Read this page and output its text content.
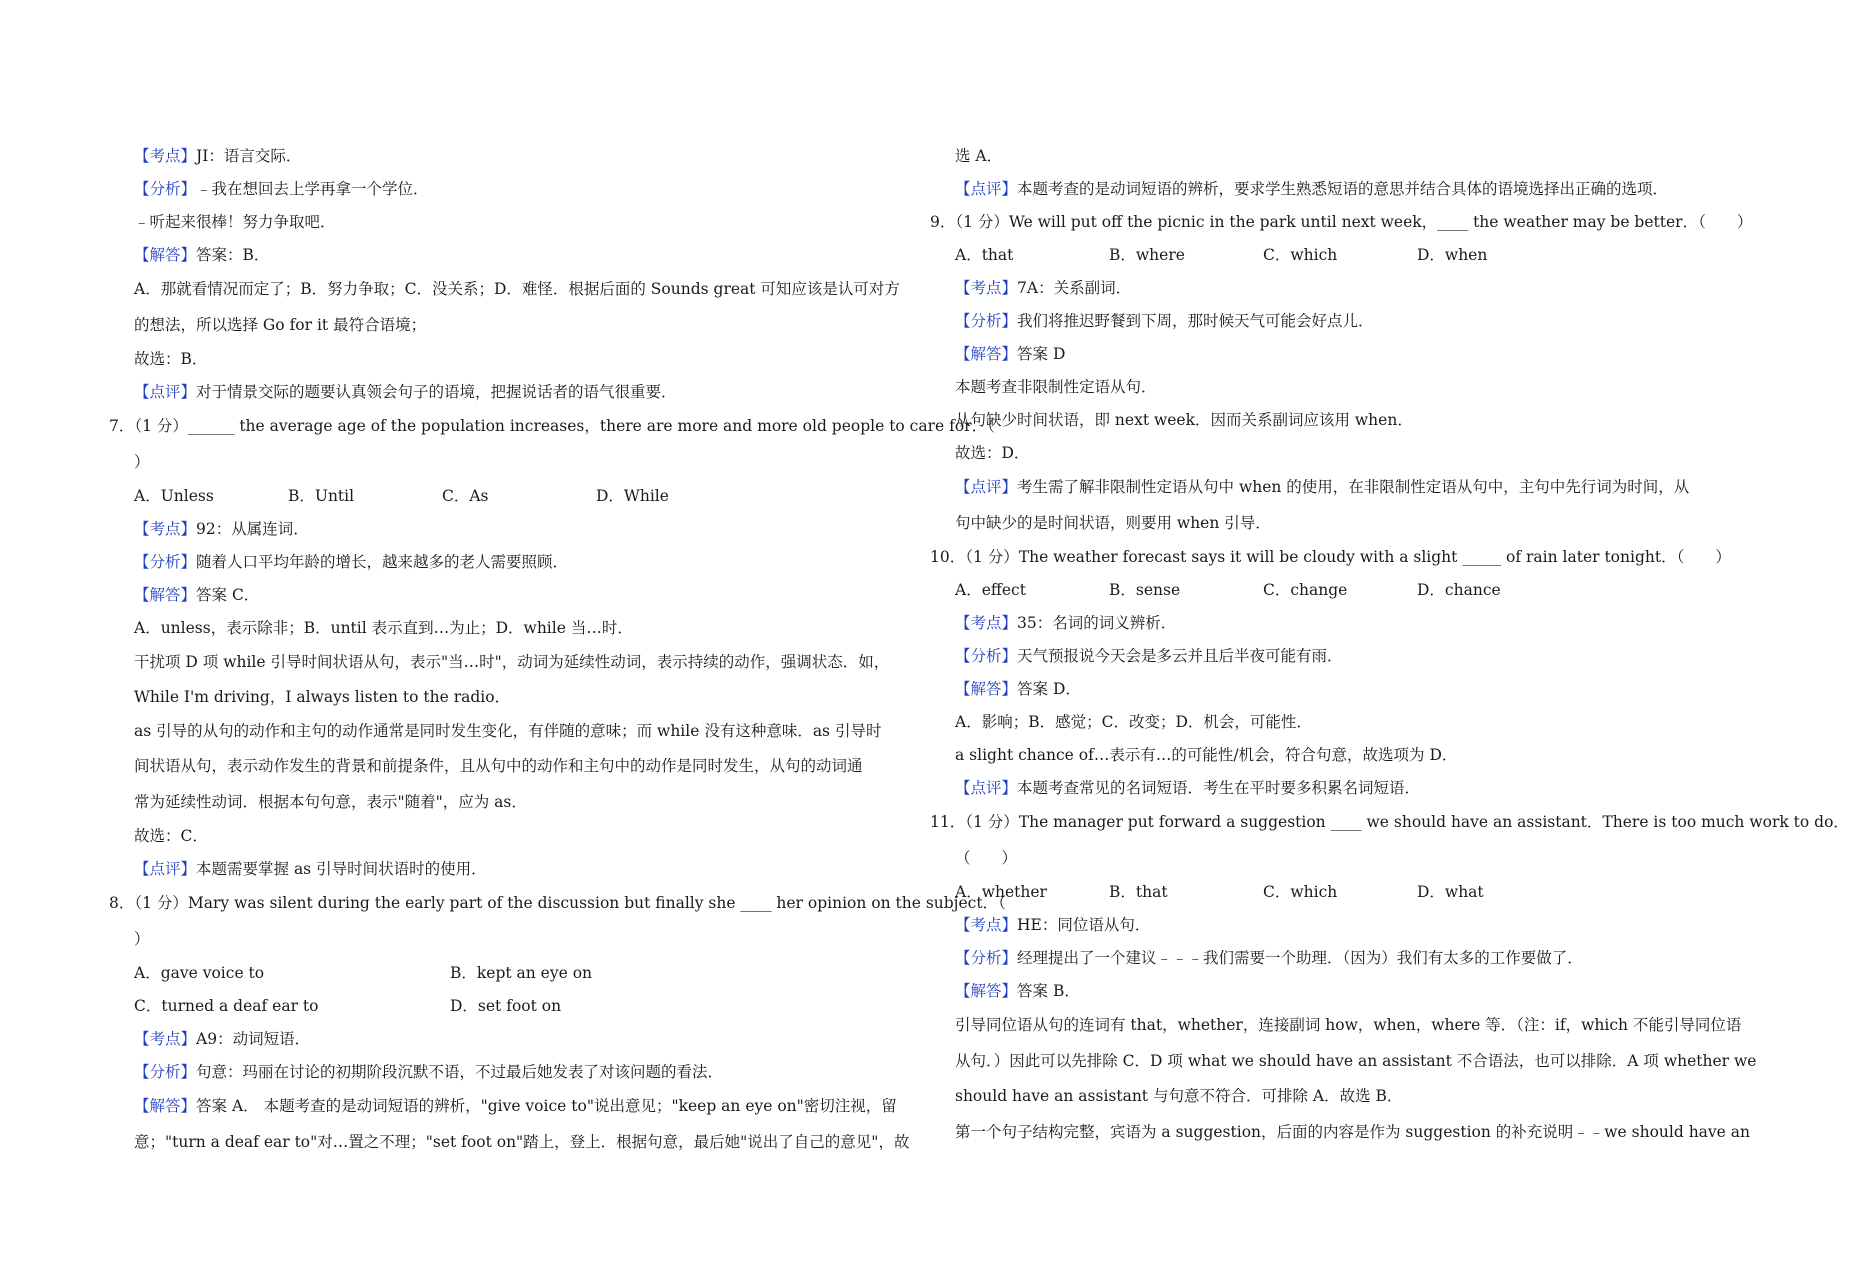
【考点】JI：语言交际．
【分析】﹣我在想回去上学再拿一个学位．
﹣听起来很棒！努力争取吧．
【解答】答案：B．
A．那就看情况而定了；B．努力争取；C．没关系；D．难怪．根据后面的 Sounds great 可知应该是认可对方
的想法，所以选择 Go for it 最符合语境；
故选：B．
【点评】对于情景交际的题要认真领会句子的语境，把握说话者的语气很重要．
7．（1 分）______ the average age of the population increases，there are more and more old people to care for．（
）
A．Unless	B．Until	C．As	D．While
【考点】92：从属连词．
【分析】随着人口平均年龄的增长，越来越多的老人需要照顾．
【解答】答案 C．
A．unless，表示除非；B．until 表示直到…为止；D．while 当…时．
干扰项 D 项 while 引导时间状语从句，表示"当…时"，动词为延续性动词，表示持续的动作，强调状态．如，
While I'm driving，I always listen to the radio．
as 引导的从句的动作和主句的动作通常是同时发生变化，有伴随的意味；而 while 没有这种意味．as 引导时
间状语从句，表示动作发生的背景和前提条件，且从句中的动作和主句中的动作是同时发生，从句的动词通
常为延续性动词．根据本句句意，表示"随着"，应为 as．
故选：C．
【点评】本题需要掌握 as 引导时间状语时的使用．
8．（1 分）Mary was silent during the early part of the discussion but finally she ____ her opinion on the subject．（
）
A．gave voice to	B．kept an eye on
C．turned a deaf ear to	D．set foot on
【考点】A9：动词短语．
【分析】句意：玛丽在讨论的初期阶段沉默不语，不过最后她发表了对该问题的看法．
【解答】答案 A． 本题考查的是动词短语的辨析，"give voice to"说出意见；"keep an eye on"密切注视，留
意；"turn a deaf ear to"对…置之不理；"set foot on"踏上，登上．根据句意，最后她"说出了自己的意见"，故
选 A．
【点评】本题考查的是动词短语的辨析，要求学生熟悉短语的意思并结合具体的语境选择出正确的选项．
9．（1 分）We will put off the picnic in the park until next week，____ the weather may be better．（　　）
A．that	B．where	C．which	D．when
【考点】7A：关系副词．
【分析】我们将推迟野餐到下周，那时候天气可能会好点儿．
【解答】答案 D
本题考查非限制性定语从句．
从句缺少时间状语，即 next week．因而关系副词应该用 when．
故选：D．
【点评】考生需了解非限制性定语从句中 when 的使用，在非限制性定语从句中，主句中先行词为时间，从
句中缺少的是时间状语，则要用 when 引导．
10．（1 分）The weather forecast says it will be cloudy with a slight _____ of rain later tonight．（　　）
A．effect	B．sense	C．change	D．chance
【考点】35：名词的词义辨析．
【分析】天气预报说今天会是多云并且后半夜可能有雨．
【解答】答案 D．
A．影响；B．感觉；C．改变；D．机会，可能性．
a slight chance of…表示有…的可能性/机会，符合句意，故选项为 D．
【点评】本题考查常见的名词短语．考生在平时要多积累名词短语．
11．（1 分）The manager put forward a suggestion ____ we should have an assistant．There is too much work to do．
（　　）
A．whether	B．that	C．which	D．what
【考点】HE：同位语从句．
【分析】经理提出了一个建议﹣﹣﹣我们需要一个助理．（因为）我们有太多的工作要做了．
【解答】答案 B．
引导同位语从句的连词有 that，whether，连接副词 how，when，where 等．（注：if，which 不能引导同位语
从句．）因此可以先排除 C．D 项 what we should have an assistant 不合语法，也可以排除．A 项 whether we
should have an assistant 与句意不符合．可排除 A．故选 B．
第一个句子结构完整，宾语为 a suggestion，后面的内容是作为 suggestion 的补充说明﹣﹣we should have an
